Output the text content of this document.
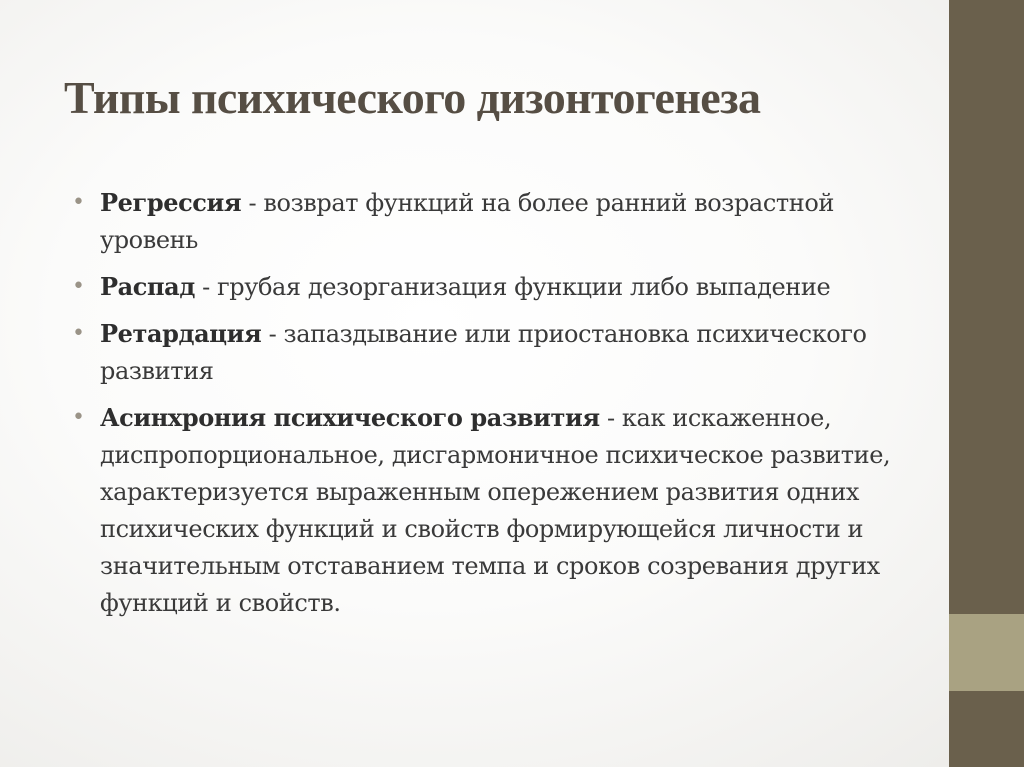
Типы психического дизонтогенеза
• Регрессия - возврат функций на более ранний возрастной уровень
• Распад - грубая дезорганизация функции либо выпадение
• Ретардация - запаздывание или приостановка психического развития
• Асинхрония психического развития - как искаженное, диспропорциональное, дисгармоничное психическое развитие, характеризуется выраженным опережением развития одних психических функций и свойств формирующейся личности и значительным отставанием темпа и сроков созревания других функций и свойств.
